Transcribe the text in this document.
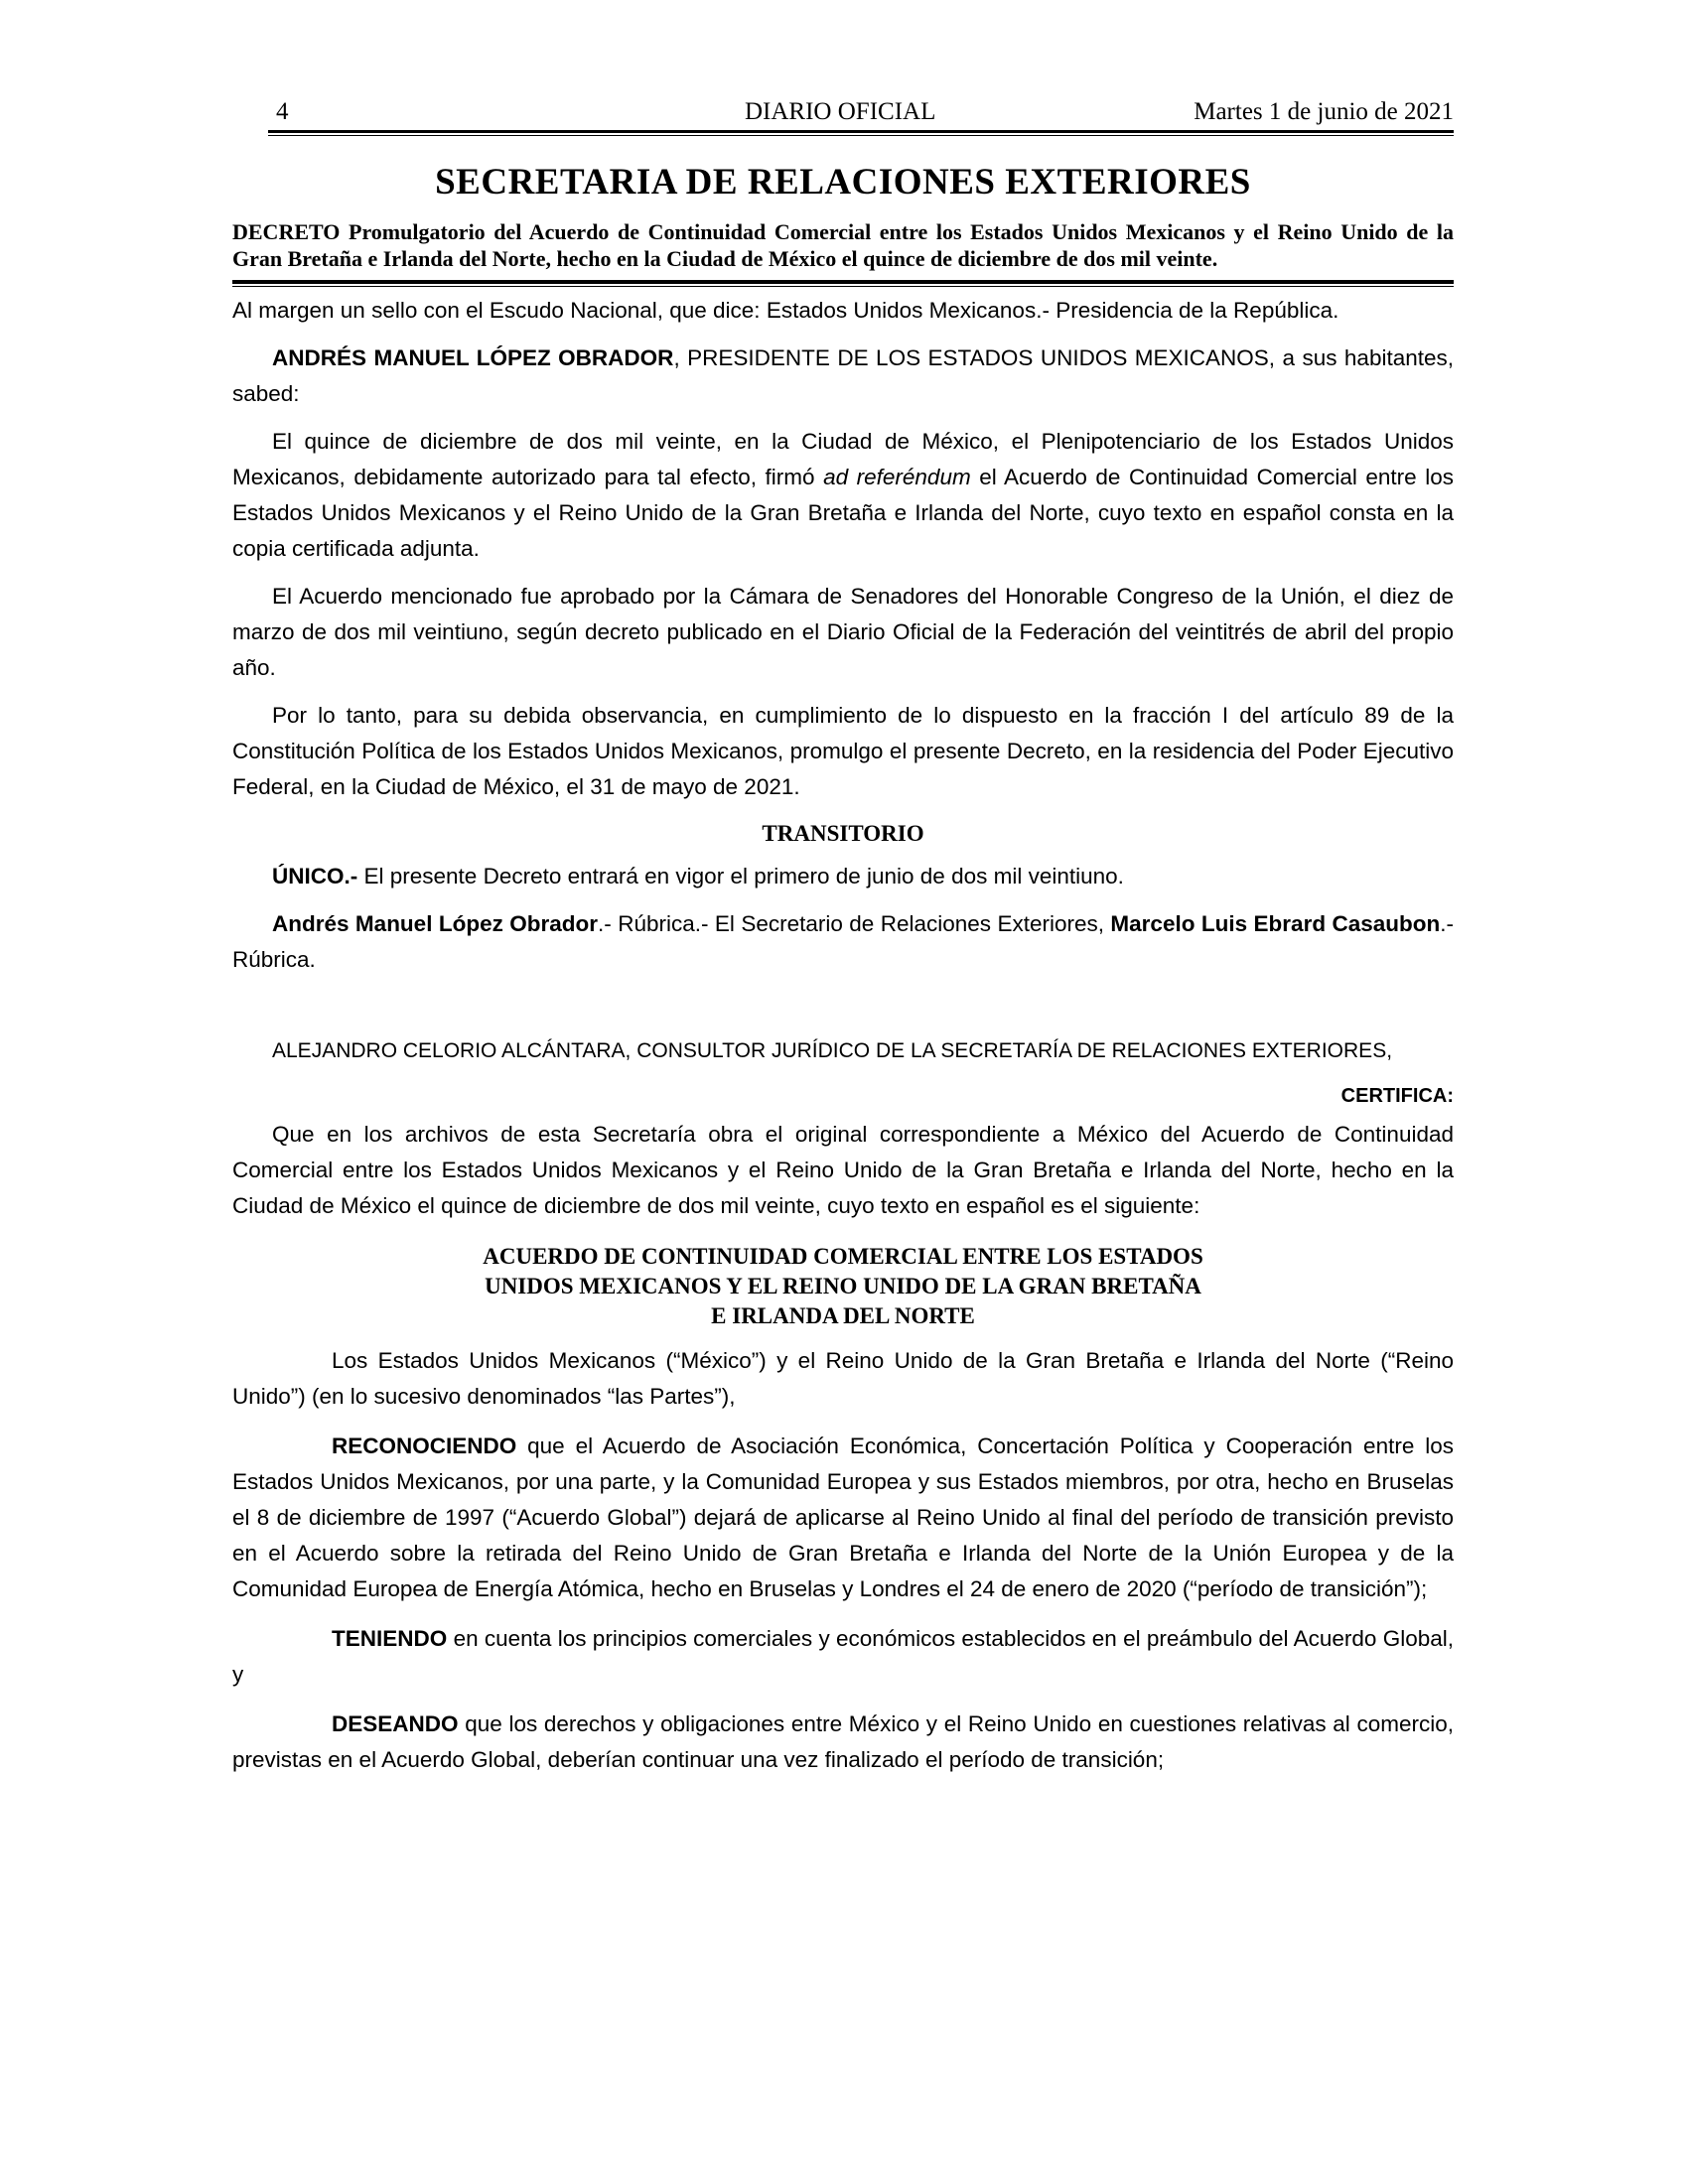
4	DIARIO OFICIAL	Martes 1 de junio de 2021
SECRETARIA DE RELACIONES EXTERIORES
DECRETO Promulgatorio del Acuerdo de Continuidad Comercial entre los Estados Unidos Mexicanos y el Reino Unido de la Gran Bretaña e Irlanda del Norte, hecho en la Ciudad de México el quince de diciembre de dos mil veinte.

Al margen un sello con el Escudo Nacional, que dice: Estados Unidos Mexicanos.- Presidencia de la República.

ANDRÉS MANUEL LÓPEZ OBRADOR, PRESIDENTE DE LOS ESTADOS UNIDOS MEXICANOS, a sus habitantes, sabed:

El quince de diciembre de dos mil veinte, en la Ciudad de México, el Plenipotenciario de los Estados Unidos Mexicanos, debidamente autorizado para tal efecto, firmó ad referéndum el Acuerdo de Continuidad Comercial entre los Estados Unidos Mexicanos y el Reino Unido de la Gran Bretaña e Irlanda del Norte, cuyo texto en español consta en la copia certificada adjunta.

El Acuerdo mencionado fue aprobado por la Cámara de Senadores del Honorable Congreso de la Unión, el diez de marzo de dos mil veintiuno, según decreto publicado en el Diario Oficial de la Federación del veintitrés de abril del propio año.

Por lo tanto, para su debida observancia, en cumplimiento de lo dispuesto en la fracción I del artículo 89 de la Constitución Política de los Estados Unidos Mexicanos, promulgo el presente Decreto, en la residencia del Poder Ejecutivo Federal, en la Ciudad de México, el 31 de mayo de 2021.

TRANSITORIO

ÚNICO.- El presente Decreto entrará en vigor el primero de junio de dos mil veintiuno.

Andrés Manuel López Obrador.- Rúbrica.- El Secretario de Relaciones Exteriores, Marcelo Luis Ebrard Casaubon.- Rúbrica.

ALEJANDRO CELORIO ALCÁNTARA, CONSULTOR JURÍDICO DE LA SECRETARÍA DE RELACIONES EXTERIORES,

CERTIFICA:

Que en los archivos de esta Secretaría obra el original correspondiente a México del Acuerdo de Continuidad Comercial entre los Estados Unidos Mexicanos y el Reino Unido de la Gran Bretaña e Irlanda del Norte, hecho en la Ciudad de México el quince de diciembre de dos mil veinte, cuyo texto en español es el siguiente:

ACUERDO DE CONTINUIDAD COMERCIAL ENTRE LOS ESTADOS
UNIDOS MEXICANOS Y EL REINO UNIDO DE LA GRAN BRETAÑA
E IRLANDA DEL NORTE

Los Estados Unidos Mexicanos (“México”) y el Reino Unido de la Gran Bretaña e Irlanda del Norte (“Reino Unido”) (en lo sucesivo denominados “las Partes”),

RECONOCIENDO que el Acuerdo de Asociación Económica, Concertación Política y Cooperación entre los Estados Unidos Mexicanos, por una parte, y la Comunidad Europea y sus Estados miembros, por otra, hecho en Bruselas el 8 de diciembre de 1997 (“Acuerdo Global”) dejará de aplicarse al Reino Unido al final del período de transición previsto en el Acuerdo sobre la retirada del Reino Unido de Gran Bretaña e Irlanda del Norte de la Unión Europea y de la Comunidad Europea de Energía Atómica, hecho en Bruselas y Londres el 24 de enero de 2020 (“período de transición”);

TENIENDO en cuenta los principios comerciales y económicos establecidos en el preámbulo del Acuerdo Global, y

DESEANDO que los derechos y obligaciones entre México y el Reino Unido en cuestiones relativas al comercio, previstas en el Acuerdo Global, deberían continuar una vez finalizado el período de transición;
